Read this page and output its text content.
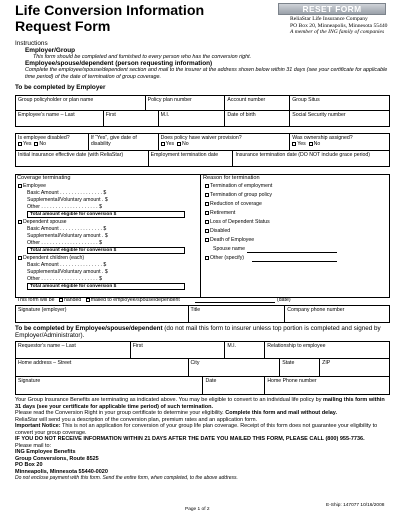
Life Conversion Information Request Form
RESET FORM
ReliaStar Life Insurance Company
PO Box 20, Minneapolis, Minnesota 55440
A member of the ING family of companies
Instructions
Employer/Group
This form should be completed and furnished to every person who has the conversion right.
Employee/spouse/dependent (person requesting information)
Complete the employee/spouse/dependent section and mail to the insurer at the address shown below within 31 days (see your certificate for applicable time period) of the date of termination of group coverage.
To be completed by Employer
Group policyholder or plan name	Policy plan number	Account number	Group Situs
Employee’s name – Last	First	M.I.	Date of birth	Social Security number
Is employee disabled?
Yes No
	If “Yes”, give date of disability	
Does policy have waiver provision?
Yes No

Was ownership assigned?
Yes No
Initial insurance effective date (with ReliaStar)	Employment termination date	Insurance termination date (DO NOT include grace period)
Coverage terminating	Reason for termination
Employee
Basic Amount . . . . . . . . . . . . . . . $
Supplemental/Voluntary amount . $
Other . . . . . . . . . . . . . . . . . . . . $
Total amount eligible for conversion $
Dependent spouse
Basic Amount . . . . . . . . . . . . . . . $
Supplemental/Voluntary amount . $
Other . . . . . . . . . . . . . . . . . . . . $
Total amount eligible for conversion $
Dependent children (each)
Basic Amount . . . . . . . . . . . . . . . $
Supplemental/Voluntary amount . $
Other . . . . . . . . . . . . . . . . . . . . $
Total amount eligible for conversion $
Termination of employment
Termination of group policy
Reduction of coverage
Retirement
Loss of Dependent Status
Disabled
Death of Employee
Spouse name
Other (specify)
This form will be handed mailed to employee/spouse/dependent	(date)
Signature (employer)	Title	Company phone number
To be completed by Employee/spouse/dependent (do not mail this form to insurer unless top portion is completed and signed by Employer/Administrator).
Requestor’s name – Last	First	M.I.	Relationship to employee
Home address – Street	City	State	ZIP
Signature	Date	Home Phone number
Your Group Insurance Benefits are terminating as indicated above. You may be eligible to convert to an individual life policy by mailing this form within 31 days (see your certificate for applicable time period) of such termination.
Please read the Conversion Right in your group certificate to determine your eligibility. Complete this form and mail without delay.
ReliaStar will send you a description of the conversion plan, premium rates and an application form.
Important Notice: This is not an application for conversion of your group life plan coverage. Receipt of this form does not guarantee your eligibility to convert your group coverage.
IF YOU DO NOT RECEIVE INFORMATION WITHIN 21 DAYS AFTER THE DATE YOU MAILED THIS FORM, PLEASE CALL (800) 955-7736.
Please mail to:
ING Employee Benefits
Group Conversions, Route 8525
PO Box 20
Minneapolis, Minnesota 55440-0020
Do not enclose payment with this form. Send the entire form, when completed, to the above address.
Page 1 of 2
E-Ship: 147077 10/16/2008
